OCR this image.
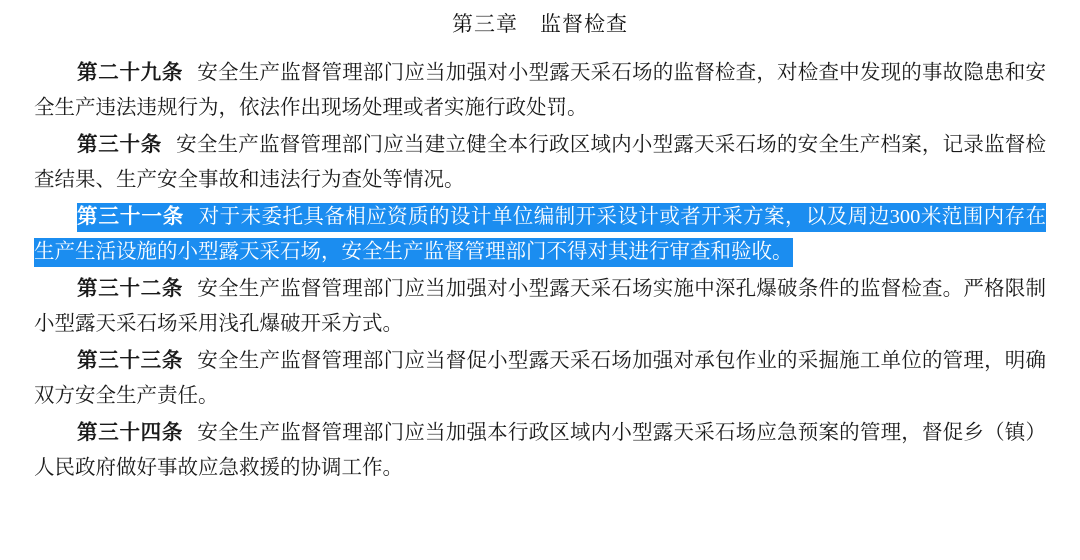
第三章 监督检查

第二十九条 安全生产监督管理部门应当加强对小型露天采石场的监督检查，对检查中发现的事故隐患和安全生产违法违规行为，依法作出现场处理或者实施行政处罚。

第三十条 安全生产监督管理部门应当建立健全本行政区域内小型露天采石场的安全生产档案，记录监督检查结果、生产安全事故和违法行为查处等情况。

第三十一条 对于未委托具备相应资质的设计单位编制开采设计或者开采方案，以及周边300米范围内存在生产生活设施的小型露天采石场，安全生产监督管理部门不得对其进行审查和验收。

第三十二条 安全生产监督管理部门应当加强对小型露天采石场实施中深孔爆破条件的监督检查。严格限制小型露天采石场采用浅孔爆破开采方式。

第三十三条 安全生产监督管理部门应当督促小型露天采石场加强对承包作业的采掘施工单位的管理，明确双方安全生产责任。

第三十四条 安全生产监督管理部门应当加强本行政区域内小型露天采石场应急预案的管理，督促乡（镇）人民政府做好事故应急救援的协调工作。
